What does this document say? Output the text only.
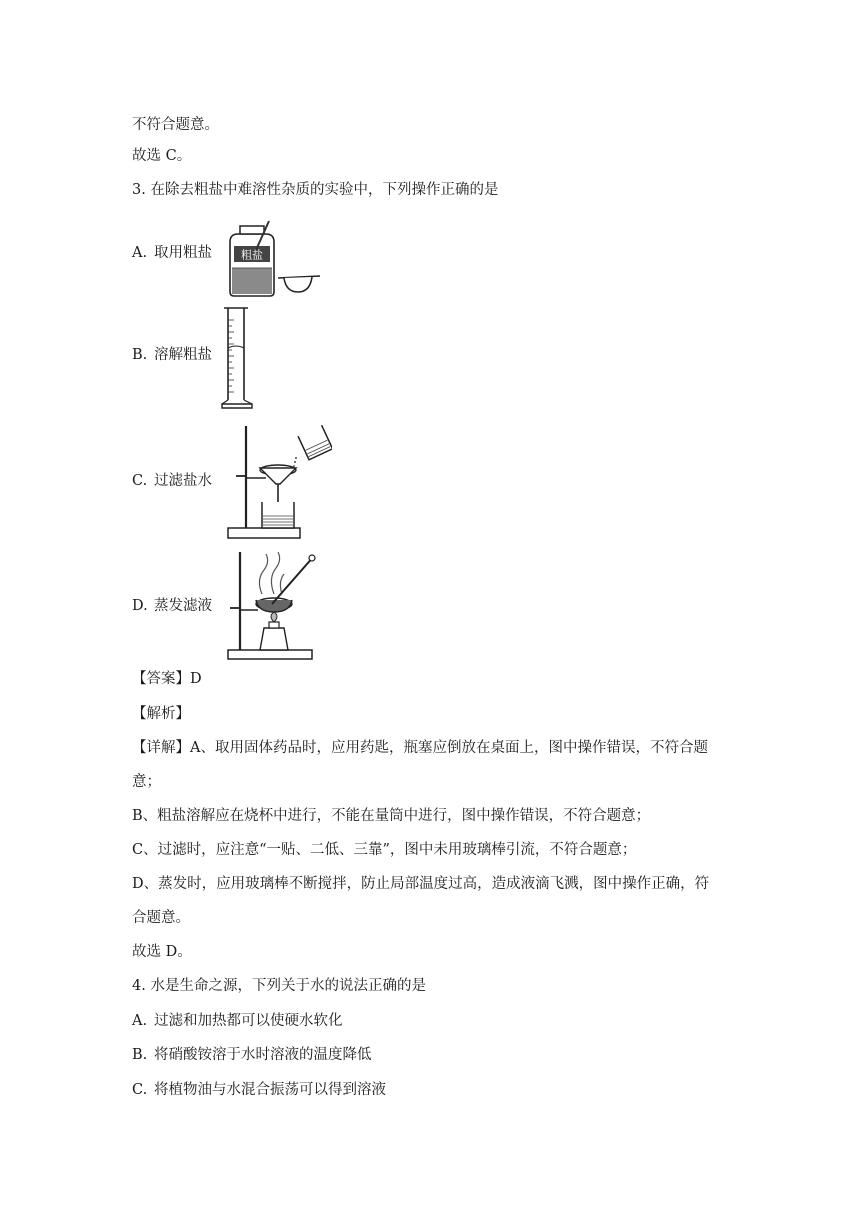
不符合题意。
故选 C。
3. 在除去粗盐中难溶性杂质的实验中，下列操作正确的是
A. 取用粗盐	粗盐
B. 溶解粗盐
C. 过滤盐水
D. 蒸发滤液
【答案】D
【解析】
【详解】A、取用固体药品时，应用药匙，瓶塞应倒放在桌面上，图中操作错误，不符合题
意；
B、粗盐溶解应在烧杯中进行，不能在量筒中进行，图中操作错误，不符合题意；
C、过滤时，应注意“一贴、二低、三靠”，图中未用玻璃棒引流，不符合题意；
D、蒸发时，应用玻璃棒不断搅拌，防止局部温度过高，造成液滴飞溅，图中操作正确，符
合题意。
故选 D。
4. 水是生命之源，下列关于水的说法正确的是
A. 过滤和加热都可以使硬水软化
B. 将硝酸铵溶于水时溶液的温度降低
C. 将植物油与水混合振荡可以得到溶液
